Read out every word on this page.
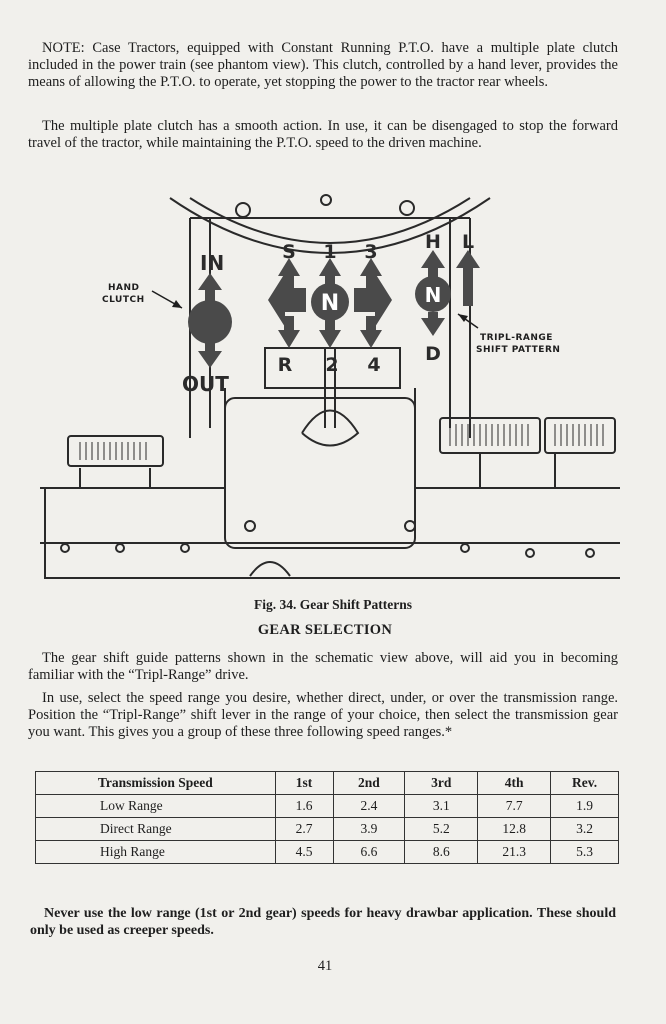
NOTE: Case Tractors, equipped with Constant Running P.T.O. have a multiple plate clutch included in the power train (see phantom view). This clutch, controlled by a hand lever, provides the means of allowing the P.T.O. to operate, yet stopping the power to the tractor rear wheels.

The multiple plate clutch has a smooth action. In use, it can be disengaged to stop the forward travel of the tractor, while maintaining the P.T.O. speed to the driven machine.

IN
OUT
HAND
CLUTCH	N
S 1 3
R 2 4
N
H L
D
TRIPL-RANGE
SHIFT PATTERN
Fig. 34. Gear Shift Patterns
GEAR SELECTION

The gear shift guide patterns shown in the schematic view above, will aid you in becoming familiar with the “Tripl-Range” drive.

In use, select the speed range you desire, whether direct, under, or over the transmission range. Position the “Tripl-Range” shift lever in the range of your choice, then select the transmission gear you want. This gives you a group of these three following speed ranges.*

Transmission Speed	1st	2nd	3rd	4th	Rev.
Low Range	1.6	2.4	3.1	7.7	1.9
Direct Range	2.7	3.9	5.2	12.8	3.2
High Range	4.5	6.6	8.6	21.3	5.3

Never use the low range (1st or 2nd gear) speeds for heavy drawbar application. These should only be used as creeper speeds.

41
